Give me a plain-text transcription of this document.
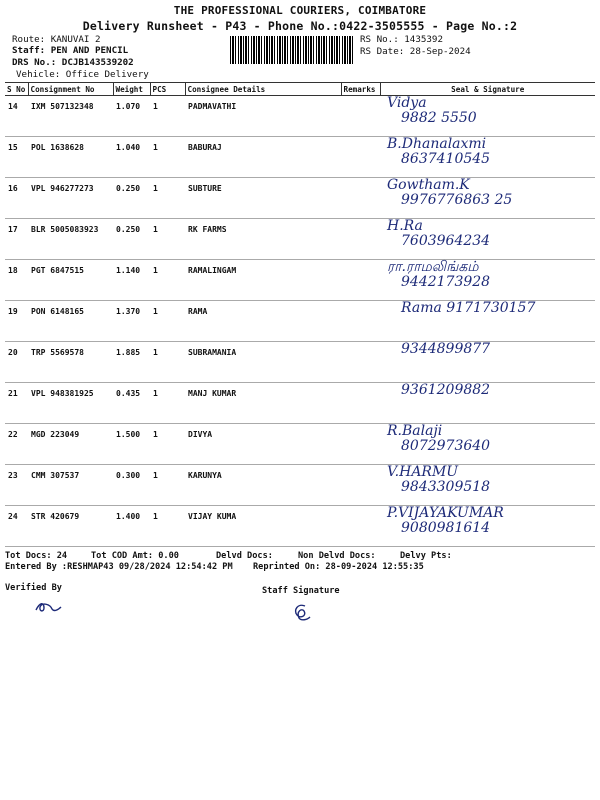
THE PROFESSIONAL COURIERS, COIMBATORE
Delivery Runsheet - P43 - Phone No.:0422-3505555 - Page No.:2
Route: KANUVAI 2
Staff: PEN AND PENCIL
DRS No.: DCJB143539202
Vehicle: Office Delivery
RS No.: 1435392
RS Date: 28-Sep-2024
S No	Consignment No	Weight	PCS	Consignee Details	Remarks	Seal & Signature
14	IXM 507132348	1.070	1	PADMAVATHI		Vidya
9882 5550

15	POL 1638628	1.040	1	BABURAJ		B.Dhanalaxmi
8637410545

16	VPL 946277273	0.250	1	SUBTURE		Gowtham.K
9976776863 25

17	BLR 5005083923	0.250	1	RK FARMS		H.Ra
7603964234

18	PGT 6847515	1.140	1	RAMALINGAM		ரா.ராமலிங்கம்
9442173928

19	PON 6148165	1.370	1	RAMA		Rama 9171730157

20	TRP 5569578	1.885	1	SUBRAMANIA		9344899877

21	VPL 948381925	0.435	1	MANJ KUMAR		9361209882

22	MGD 223049	1.500	1	DIVYA		R.Balaji
8072973640

23	CMM 307537	0.300	1	KARUNYA		V.HARMU
9843309518

24	STR 420679	1.400	1	VIJAY KUMA		P.VIJAYAKUMAR
9080981614
Tot Docs: 24	Tot COD Amt: 0.00	Delvd Docs:	Non Delvd Docs:	Delvy Pts:
Entered By :RESHMAP43 09/28/2024 12:54:42 PM Reprinted On: 28-09-2024 12:55:35
Verified By	Staff Signature
